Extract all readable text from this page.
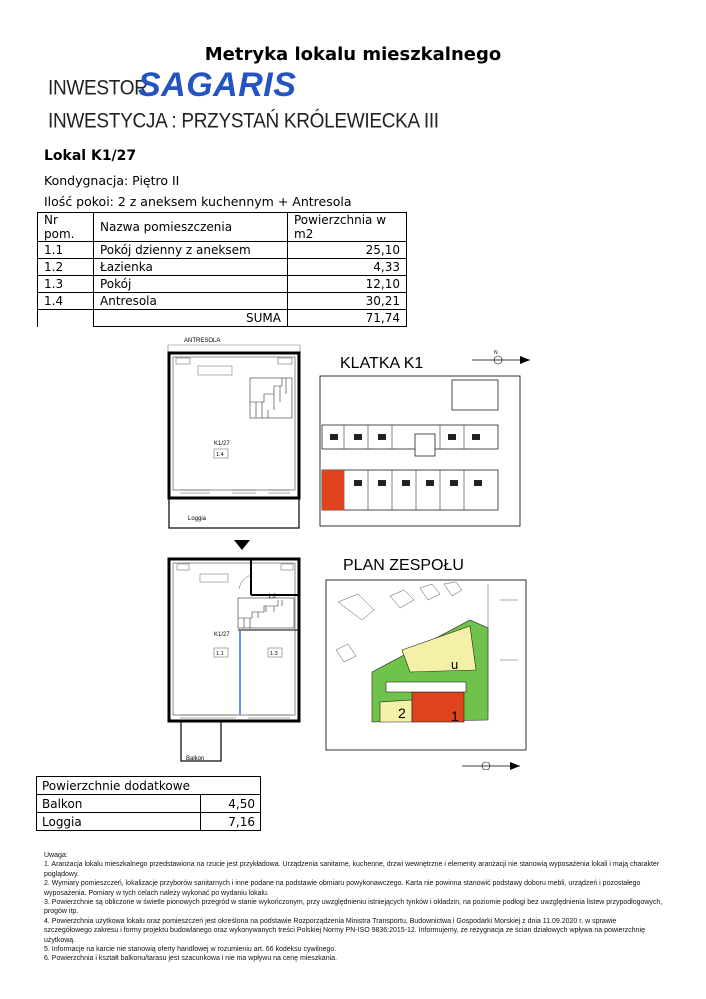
Metryka lokalu mieszkalnego
INWESTOR:
SAGARIS
INWESTYCJA : PRZYSTAŃ KRÓLEWIECKA III
Lokal K1/27
Kondygnacja: Piętro II
Ilość pokoi: 2 z aneksem kuchennym + Antresola
Nr pom.	Nazwa pomieszczenia	Powierzchnia w m2
1.1	Pokój dzienny z aneksem	25,10
1.2	Łazienka	4,33
1.3	Pokój	12,10
1.4	Antresola	30,21
	SUMA	71,74
ANTRESOLA
K1/27
1.4
Loggia
1.2
K1/27
1.1	1.3
Balkon
KLATKA K1
N
PLAN ZESPOŁU
2	1
u
Powierzchnie dodatkowe	
Balkon	4,50
Loggia	7,16
Uwaga:
1. Aranżacja lokalu mieszkalnego przedstawiona na rzucie jest przykładowa. Urządzenia sanitarne, kuchenne, drzwi wewnętrzne i elementy aranżacji nie stanowią wyposażenia lokali i mają charakter poglądowy.
2. Wymiary pomieszczeń, lokalizacje przyborów sanitarnych i inne podane na podstawie obmiaru powykonawczego. Karta nie powinna stanowić podstawy doboru mebli, urządzeń i pozostałego wyposażenia. Pomiary w tych celach należy wykonać po wydaniu lokalu.
3. Powierzchnie są obliczone w świetle pionowych przegród w stanie wykończonym, przy uwzględnieniu istniejących tynków i okładzin, na poziomie podłogi bez uwzględnienia listew przypodłogowych, progów itp.
4. Powierzchnia użytkowa lokalu oraz pomieszczeń jest określona na podstawie Rozporządzenia Ministra Transportu, Budownictwa i Gospodarki Morskiej z dnia 11.09.2020 r. w sprawie szczegółowego zakresu i formy projektu budowlanego oraz wykonywanych treści Polskiej Normy PN-ISO 9836:2015-12. Informujemy, że rezygnacja ze ścian działowych wpływa na powierzchnię użytkową.
5. Informacje na karcie nie stanowią oferty handlowej w rozumieniu art. 66 kodeksu cywilnego.
6. Powierzchnia i kształt balkonu/tarasu jest szacunkowa i nie ma wpływu na cenę mieszkania.
